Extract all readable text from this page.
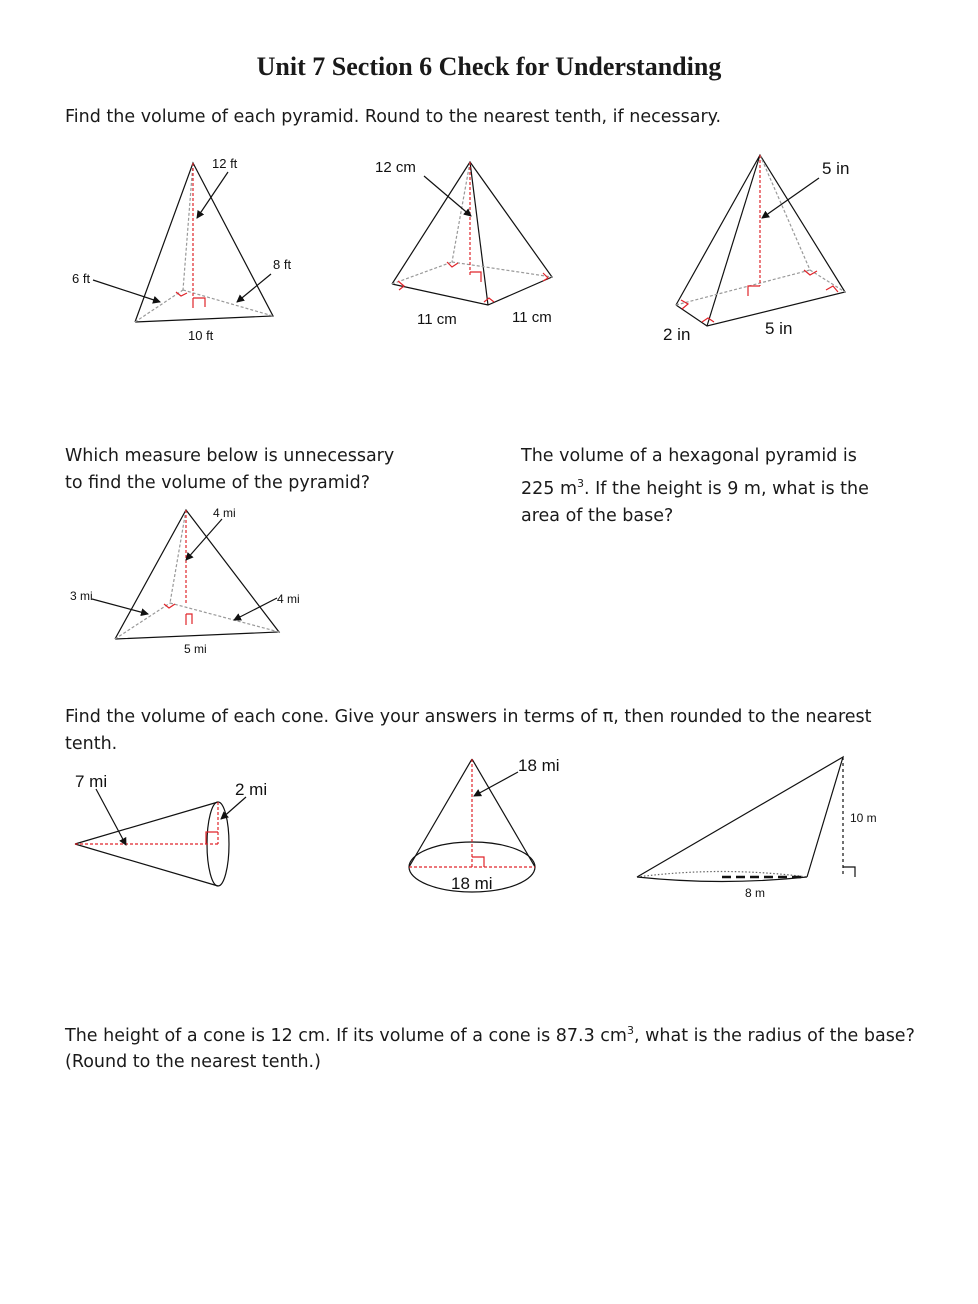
Unit 7 Section 6 Check for Understanding
Find the volume of each pyramid. Round to the nearest tenth, if necessary.
12 ft
6 ft
8 ft
10 ft
12 cm
11 cm	11 cm
5 in
2 in	5 in
4 mi
3 mi	4 mi
5 mi
7 mi	2 mi
18 mi
18 mi
10 m
8 m
Which measure below is unnecessary
to find the volume of the pyramid?
The volume of a hexagonal pyramid is
225 $m^3$. If the height is 9 m, what is the
area of the base?
Find the volume of each cone. Give your answers in terms of π, then rounded to the nearest
tenth.
The height of a cone is 12 cm. If its volume of a cone is 87.3 $cm^3$, what is the radius of the base?
(Round to the nearest tenth.)
